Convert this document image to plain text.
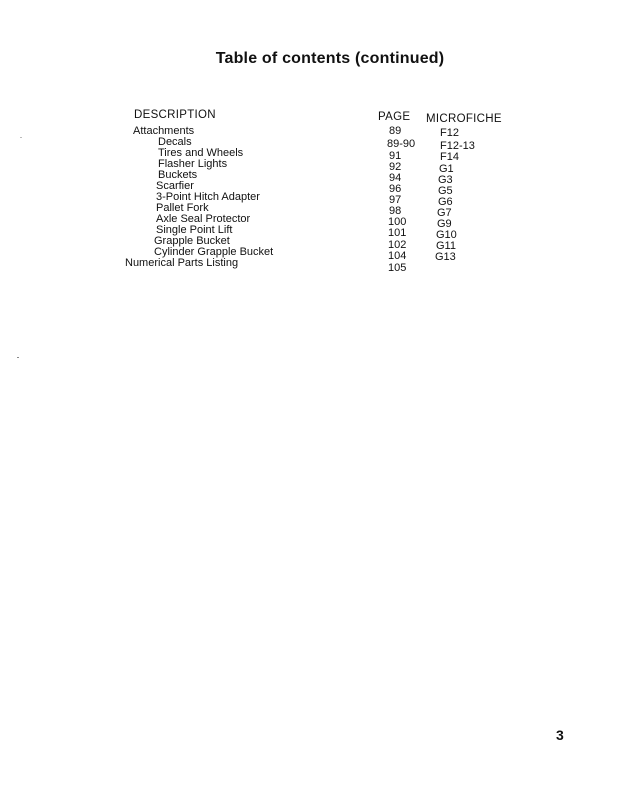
Table of contents (continued)
DESCRIPTION	PAGE MICROFICHE
Attachments	89	F12
Decals	89-90 F12-13
Tires and Wheels	91	F14
Flasher Lights	92	G1
Buckets	94	G3
Scarfier	96	G5
3-Point Hitch Adapter	97	G6
Pallet Fork	98	G7
Axle Seal Protector	100	G9
Single Point Lift	101	G10
Grapple Bucket	102	G11
Cylinder Grapple Bucket	104	G13
Numerical Parts Listing	105
3
